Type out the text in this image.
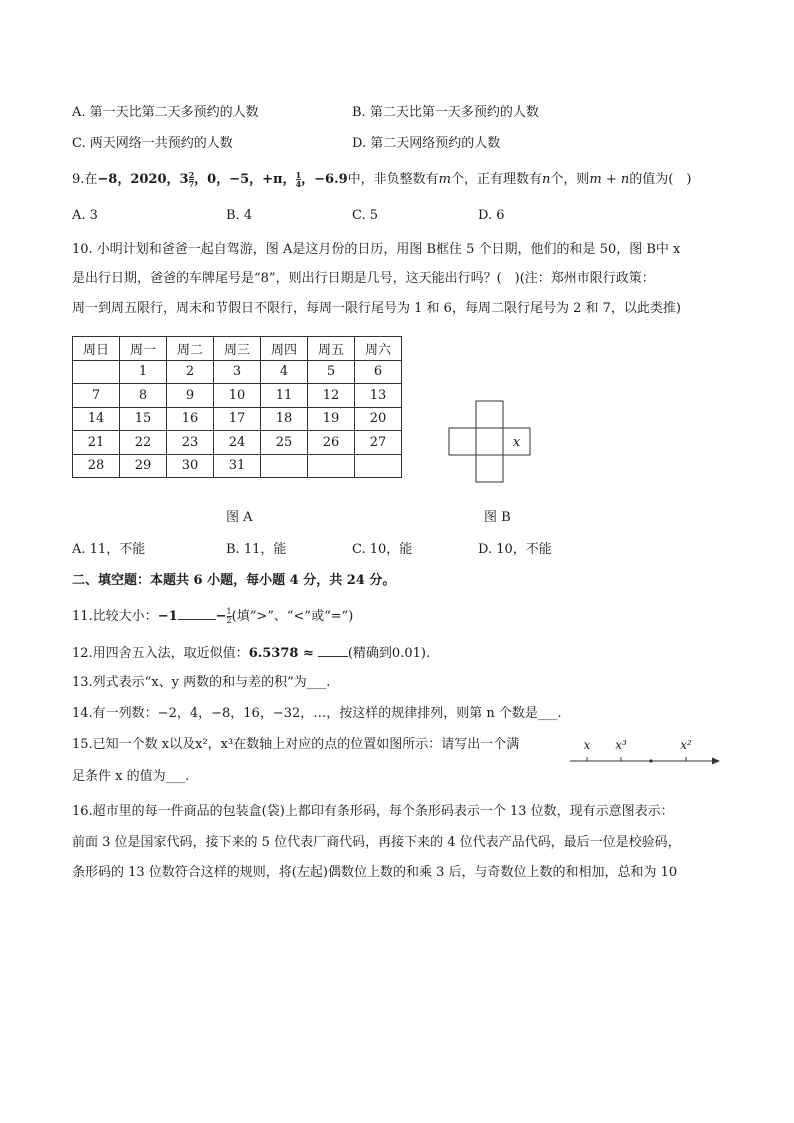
A. 第一天比第二天多预约的人数	B. 第二天比第一天多预约的人数
C. 两天网络一共预约的人数	D. 第二天网络预约的人数
9.在−8，2020，$3 \frac{2}{7}$ ，0，−5，+π， $\frac{1}{4}$ ，−6.9中，非负整数有m个，正有理数有n个，则m + n的值为(　)
A. 3	B. 4	C. 5	D. 6
10. 小明计划和爸爸一起自驾游，图 A是这月份的日历，用图 B框住 5 个日期，他们的和是 50，图 B中 x
是出行日期，爸爸的车牌尾号是“8”，则出行日期是几号，这天能出行吗？(　)(注：郑州市限行政策：
周一到周五限行，周末和节假日不限行，每周一限行尾号为 1 和 6，每周二限行尾号为 2 和 7，以此类推)
周日	周一	周二	周三	周四	周五	周六
	1	2	3	4	5	6
7	8	9	10	11	12	13
14	15	16	17	18	19	20
21	22	23	24	25	26	27
28	29	30	31			
x
图 A	图 B
A. 11，不能	B. 11，能	C. 10，能	D. 10，不能
二、填空题：本题共 6 小题，每小题 4 分，共 24 分。
11.比较大小：−1	− $\frac{1}{2}$ (填“>”、“<”或“=”)
12.用四舍五入法，取近似值：6.5378 ≈	(精确到0.01).
13.列式表示“x、y 两数的和与差的积”为___.
14.有一列数：−2，4，−8，16，−32，…，按这样的规律排列，则第 n 个数是___.
15.已知一个数 x以及x²，x³在数轴上对应的点的位置如图所示：请写出一个满
足条件 x 的值为___.
x x³	x²
16.超市里的每一件商品的包装盒(袋)上都印有条形码，每个条形码表示一个 13 位数，现有示意图表示：
前面 3 位是国家代码，接下来的 5 位代表厂商代码，再接下来的 4 位代表产品代码，最后一位是校验码，
条形码的 13 位数符合这样的规则，将(左起)偶数位上数的和乘 3 后，与奇数位上数的和相加，总和为 10
